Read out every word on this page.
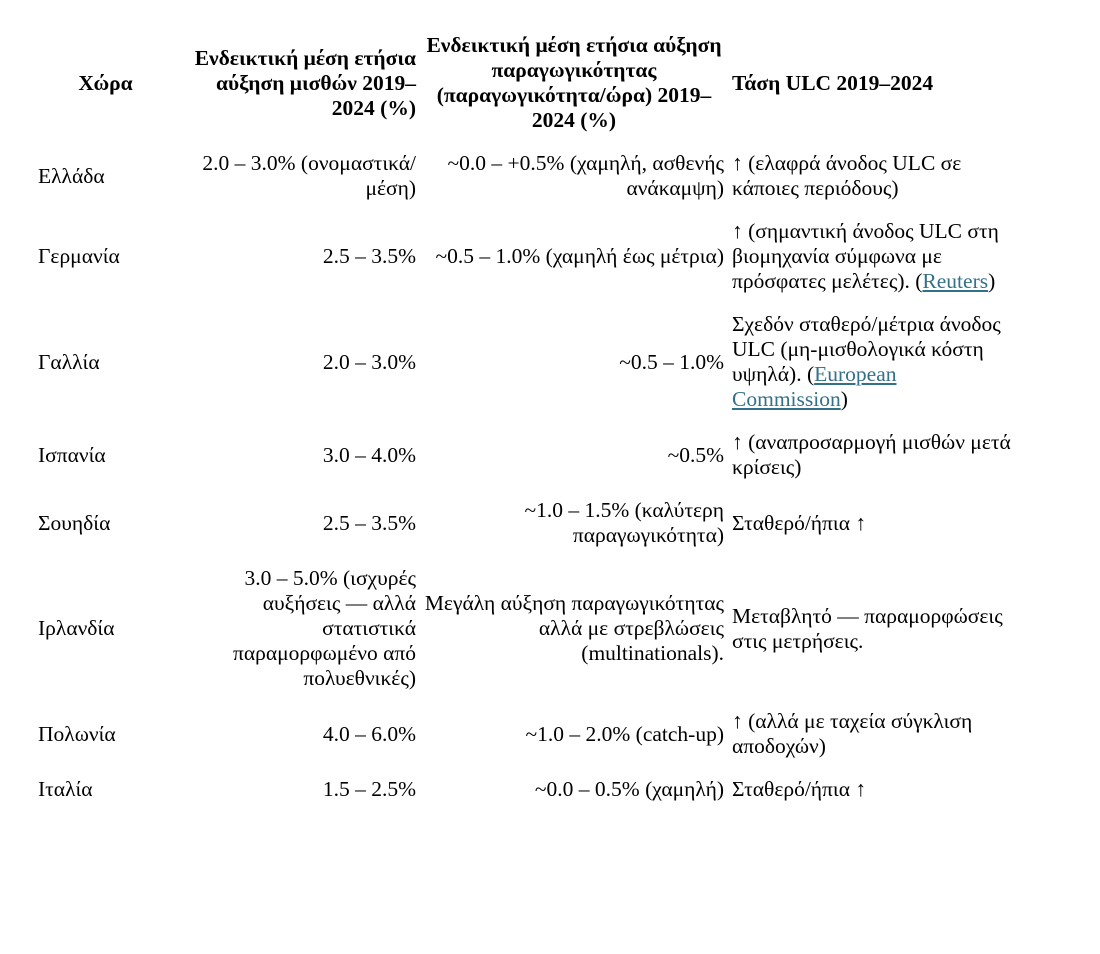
Χώρα	Ενδεικτική μέση ετήσια αύξηση μισθών 2019–2024 (%)	Ενδεικτική μέση ετήσια αύξηση παραγωγικότητας (παραγωγικότητα/ώρα) 2019–2024 (%)	Τάση ULC 2019–2024
Ελλάδα	2.0 – 3.0% (ονομαστικά/μέση)	~0.0 – +0.5% (χαμηλή, ασθενής ανάκαμψη)	↑ (ελαφρά άνοδος ULC σε κάποιες περιόδους)
Γερμανία	2.5 – 3.5%	~0.5 – 1.0% (χαμηλή έως μέτρια)	↑ (σημαντική άνοδος ULC στη βιομηχανία σύμφωνα με πρόσφατες μελέτες). (Reuters)
Γαλλία	2.0 – 3.0%	~0.5 – 1.0%	Σχεδόν σταθερό/μέτρια άνοδος ULC (μη-μισθολογικά κόστη υψηλά). (European Commission)
Ισπανία	3.0 – 4.0%	~0.5%	↑ (αναπροσαρμογή μισθών μετά κρίσεις)
Σουηδία	2.5 – 3.5%	~1.0 – 1.5% (καλύτερη παραγωγικότητα)	Σταθερό/ήπια ↑
Ιρλανδία	3.0 – 5.0% (ισχυρές αυξήσεις — αλλά στατιστικά παραμορφωμένο από πολυεθνικές)	Μεγάλη αύξηση παραγωγικότητας αλλά με στρεβλώσεις (multinationals).	Μεταβλητό — παραμορφώσεις στις μετρήσεις.
Πολωνία	4.0 – 6.0%	~1.0 – 2.0% (catch-up)	↑ (αλλά με ταχεία σύγκλιση αποδοχών)
Ιταλία	1.5 – 2.5%	~0.0 – 0.5% (χαμηλή)	Σταθερό/ήπια ↑
